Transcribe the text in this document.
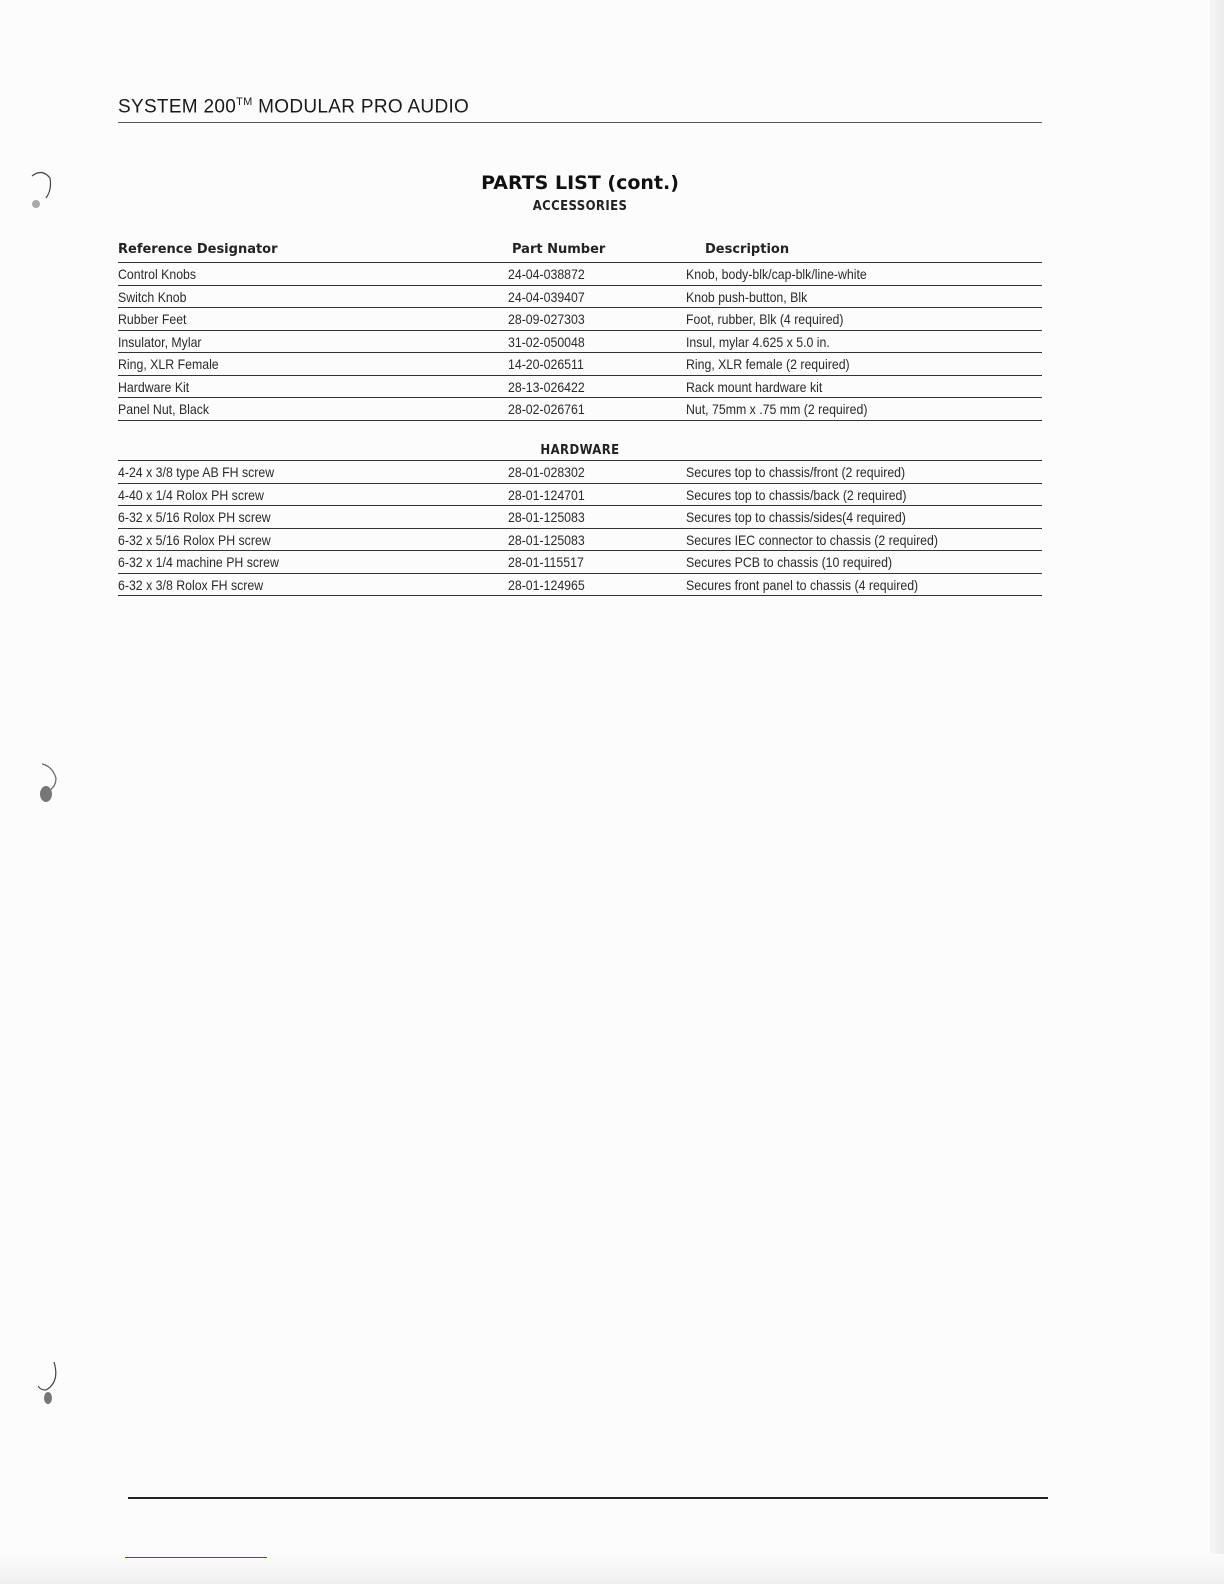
SYSTEM 200™ MODULAR PRO AUDIO
PARTS LIST (cont.)
ACCESSORIES
Reference Designator	Part Number	Description
Control Knobs	24-04-038872	Knob, body-blk/cap-blk/line-white
Switch Knob	24-04-039407	Knob push-button, Blk
Rubber Feet	28-09-027303	Foot, rubber, Blk (4 required)
Insulator, Mylar	31-02-050048	Insul, mylar 4.625 x 5.0 in.
Ring, XLR Female	14-20-026511	Ring, XLR female (2 required)
Hardware Kit	28-13-026422	Rack mount hardware kit
Panel Nut, Black	28-02-026761	Nut, 75mm x .75 mm (2 required)
HARDWARE
4-24 x 3/8 type AB FH screw	28-01-028302	Secures top to chassis/front (2 required)
4-40 x 1/4 Rolox PH screw	28-01-124701	Secures top to chassis/back (2 required)
6-32 x 5/16 Rolox PH screw	28-01-125083	Secures top to chassis/sides(4 required)
6-32 x 5/16 Rolox PH screw	28-01-125083	Secures IEC connector to chassis (2 required)
6-32 x 1/4 machine PH screw	28-01-115517	Secures PCB to chassis (10 required)
6-32 x 3/8 Rolox FH screw	28-01-124965	Secures front panel to chassis (4 required)
